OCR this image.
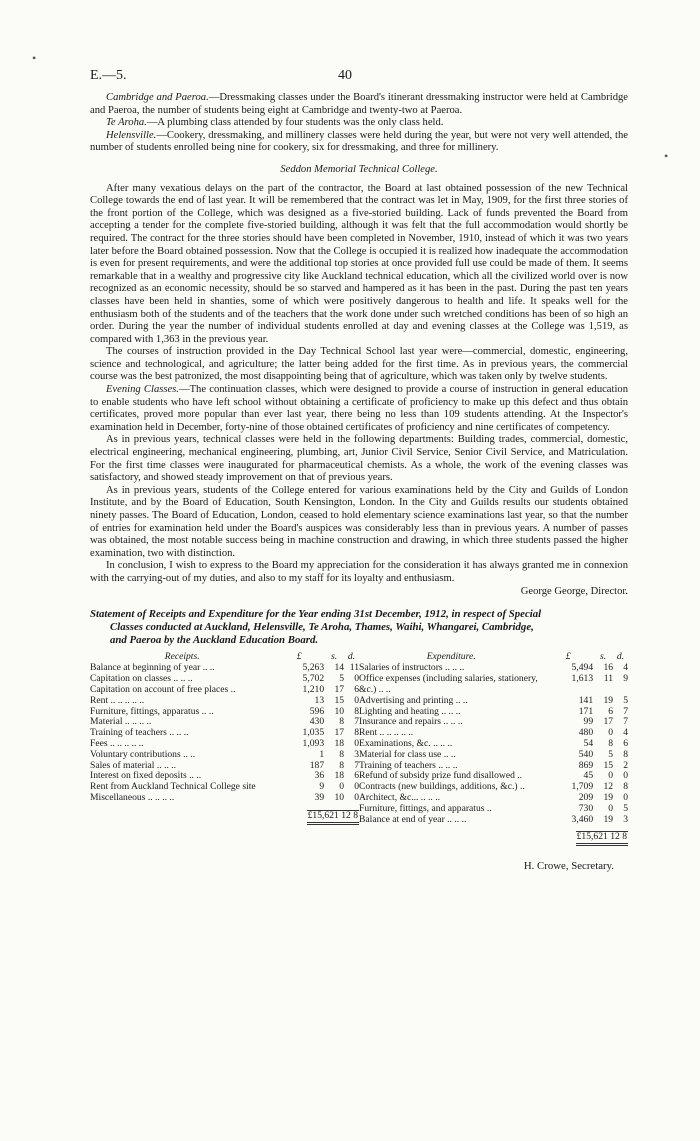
•
•
E.—5.	40

Cambridge and Paeroa.—Dressmaking classes under the Board's itinerant dressmaking instructor were held at Cambridge and Paeroa, the number of students being eight at Cambridge and twenty-two at Paeroa.

Te Aroha.—A plumbing class attended by four students was the only class held.

Helensville.—Cookery, dressmaking, and millinery classes were held during the year, but were not very well attended, the number of students enrolled being nine for cookery, six for dressmaking, and three for millinery.

Seddon Memorial Technical College.

After many vexatious delays on the part of the contractor, the Board at last obtained possession of the new Technical College towards the end of last year. It will be remembered that the contract was let in May, 1909, for the first three stories of the front portion of the College, which was designed as a five-storied building. Lack of funds prevented the Board from accepting a tender for the complete five-storied building, although it was felt that the full accommodation would shortly be required. The contract for the three stories should have been completed in November, 1910, instead of which it was two years later before the Board obtained possession. Now that the College is occupied it is realized how inadequate the accommodation is even for present requirements, and were the additional top stories at once provided full use could be made of them. It seems remarkable that in a wealthy and progressive city like Auckland technical education, which all the civilized world over is now recognized as an economic necessity, should be so starved and hampered as it has been in the past. During the past ten years classes have been held in shanties, some of which were positively dangerous to health and life. It speaks well for the enthusiasm both of the students and of the teachers that the work done under such wretched conditions has been of so high an order. During the year the number of individual students enrolled at day and evening classes at the College was 1,519, as compared with 1,363 in the previous year.

The courses of instruction provided in the Day Technical School last year were—commercial, domestic, engineering, science and technological, and agriculture; the latter being added for the first time. As in previous years, the commercial course was the best patronized, the most disappointing being that of agriculture, which was taken only by twelve students.

Evening Classes.—The continuation classes, which were designed to provide a course of instruction in general education to enable students who have left school without obtaining a certificate of proficiency to make up this defect and thus obtain certificates, proved more popular than ever last year, there being no less than 109 students attending. At the Inspector's examination held in December, forty-nine of those obtained certificates of proficiency and nine certificates of competency.

As in previous years, technical classes were held in the following departments: Building trades, commercial, domestic, electrical engineering, mechanical engineering, plumbing, art, Junior Civil Service, Senior Civil Service, and Matriculation. For the first time classes were inaugurated for pharmaceutical chemists. As a whole, the work of the evening classes was satisfactory, and showed steady improvement on that of previous years.

As in previous years, students of the College entered for various examinations held by the City and Guilds of London Institute, and by the Board of Education, South Kensington, London. In the City and Guilds results our students obtained ninety passes. The Board of Education, London, ceased to hold elementary science examinations last year, so that the number of entries for examination held under the Board's auspices was considerably less than in previous years. A number of passes was obtained, the most notable success being in machine construction and drawing, in which three students passed the higher examination, two with distinction.

In conclusion, I wish to express to the Board my appreciation for the consideration it has always granted me in connexion with the carrying-out of my duties, and also to my staff for its loyalty and enthusiasm.

George George, Director.
Statement of Receipts and Expenditure for the Year ending 31st December, 1912, in respect of Special
Classes conducted at Auckland, Helensville, Te Aroha, Thames, Waihi, Whangarei, Cambridge,
and Paeroa by the Auckland Education Board.
Receipts.	£	s.	d.
Balance at beginning of year .. ..	5,263	14	11
Capitation on classes .. .. ..	5,702	5	0
Capitation on account of free places ..	1,210	17	6
Rent .. .. .. .. ..	13	15	0
Furniture, fittings, apparatus .. ..	596	10	8
Material .. .. .. ..	430	8	7
Training of teachers .. .. ..	1,035	17	8
Fees .. .. .. .. ..	1,093	18	0
Voluntary contributions .. ..	1	8	3
Sales of material .. .. ..	187	8	7
Interest on fixed deposits .. ..	36	18	6
Rent from Auckland Technical College site	9	0	0
Miscellaneous .. .. .. ..	39	10	0
	£15,621 12 8		
Expenditure.	£	s.	d.
Salaries of instructors .. .. ..	5,494	16	4
Office expenses (including salaries, stationery, &c.) .. ..	1,613	11	9
Advertising and printing .. ..	141	19	5
Lighting and heating .. .. ..	171	6	7
Insurance and repairs .. .. ..	99	17	7
Rent .. .. .. .. ..	480	0	4
Examinations, &c. .. .. ..	54	8	6
Material for class use .. ..	540	5	8
Training of teachers .. .. ..	869	15	2
Refund of subsidy prize fund disallowed ..	45	0	0
Contracts (new buildings, additions, &c.) ..	1,709	12	8
Architect, &c... .. .. ..	209	19	0
Furniture, fittings, and apparatus ..	730	0	5
Balance at end of year .. .. ..	3,460	19	3
	£15,621 12 8		
H. Crowe, Secretary.
